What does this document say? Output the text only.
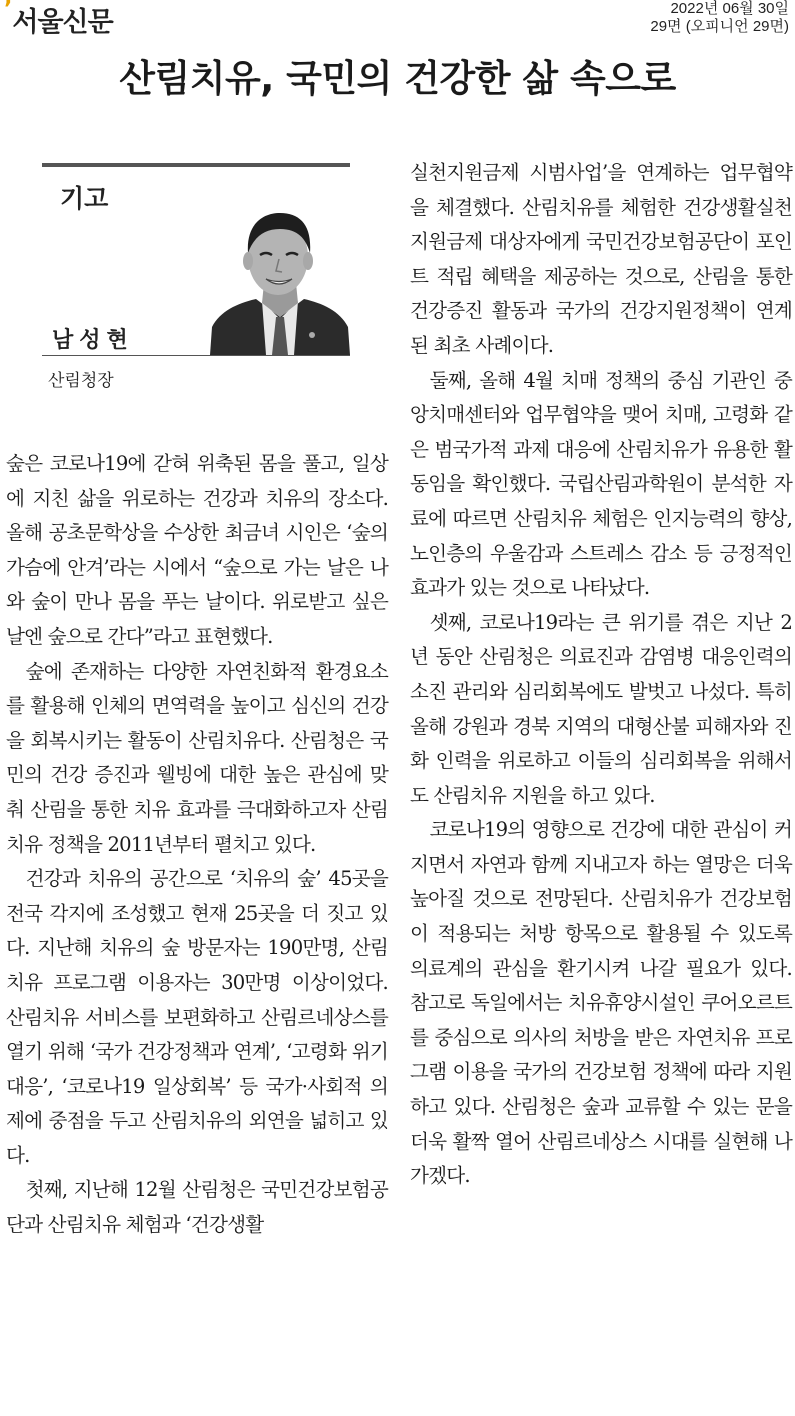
’ 서울신문	2022년 06월 30일
29면 (오피니언 29면)
산림치유, 국민의 건강한 삶 속으로
기고
남성현
산림청장

숲은 코로나19에 갇혀 위축된 몸을 풀고, 일상에 지친 삶을 위로하는 건강과 치유의 장소다. 올해 공초문학상을 수상한 최금녀 시인은 ‘숲의 가슴에 안겨’라는 시에서 “숲으로 가는 날은 나와 숲이 만나 몸을 푸는 날이다. 위로받고 싶은 날엔 숲으로 간다”라고 표현했다.

숲에 존재하는 다양한 자연친화적 환경요소를 활용해 인체의 면역력을 높이고 심신의 건강을 회복시키는 활동이 산림치유다. 산림청은 국민의 건강 증진과 웰빙에 대한 높은 관심에 맞춰 산림을 통한 치유 효과를 극대화하고자 산림치유 정책을 2011년부터 펼치고 있다.

건강과 치유의 공간으로 ‘치유의 숲’ 45곳을 전국 각지에 조성했고 현재 25곳을 더 짓고 있다. 지난해 치유의 숲 방문자는 190만명, 산림치유 프로그램 이용자는 30만명 이상이었다. 산림치유 서비스를 보편화하고 산림르네상스를 열기 위해 ‘국가 건강정책과 연계’, ‘고령화 위기 대응’, ‘코로나19 일상회복’ 등 국가·사회적 의제에 중점을 두고 산림치유의 외연을 넓히고 있다.

첫째, 지난해 12월 산림청은 국민건강보험공단과 산림치유 체험과 ‘건강생활

실천지원금제 시범사업’을 연계하는 업무협약을 체결했다. 산림치유를 체험한 건강생활실천지원금제 대상자에게 국민건강보험공단이 포인트 적립 혜택을 제공하는 것으로, 산림을 통한 건강증진 활동과 국가의 건강지원정책이 연계된 최초 사례이다.

둘째, 올해 4월 치매 정책의 중심 기관인 중앙치매센터와 업무협약을 맺어 치매, 고령화 같은 범국가적 과제 대응에 산림치유가 유용한 활동임을 확인했다. 국립산림과학원이 분석한 자료에 따르면 산림치유 체험은 인지능력의 향상, 노인층의 우울감과 스트레스 감소 등 긍정적인 효과가 있는 것으로 나타났다.

셋째, 코로나19라는 큰 위기를 겪은 지난 2년 동안 산림청은 의료진과 감염병 대응인력의 소진 관리와 심리회복에도 발벗고 나섰다. 특히 올해 강원과 경북 지역의 대형산불 피해자와 진화 인력을 위로하고 이들의 심리회복을 위해서도 산림치유 지원을 하고 있다.

코로나19의 영향으로 건강에 대한 관심이 커지면서 자연과 함께 지내고자 하는 열망은 더욱 높아질 것으로 전망된다. 산림치유가 건강보험이 적용되는 처방 항목으로 활용될 수 있도록 의료계의 관심을 환기시켜 나갈 필요가 있다. 참고로 독일에서는 치유휴양시설인 쿠어오르트를 중심으로 의사의 처방을 받은 자연치유 프로그램 이용을 국가의 건강보험 정책에 따라 지원하고 있다. 산림청은 숲과 교류할 수 있는 문을 더욱 활짝 열어 산림르네상스 시대를 실현해 나가겠다.
